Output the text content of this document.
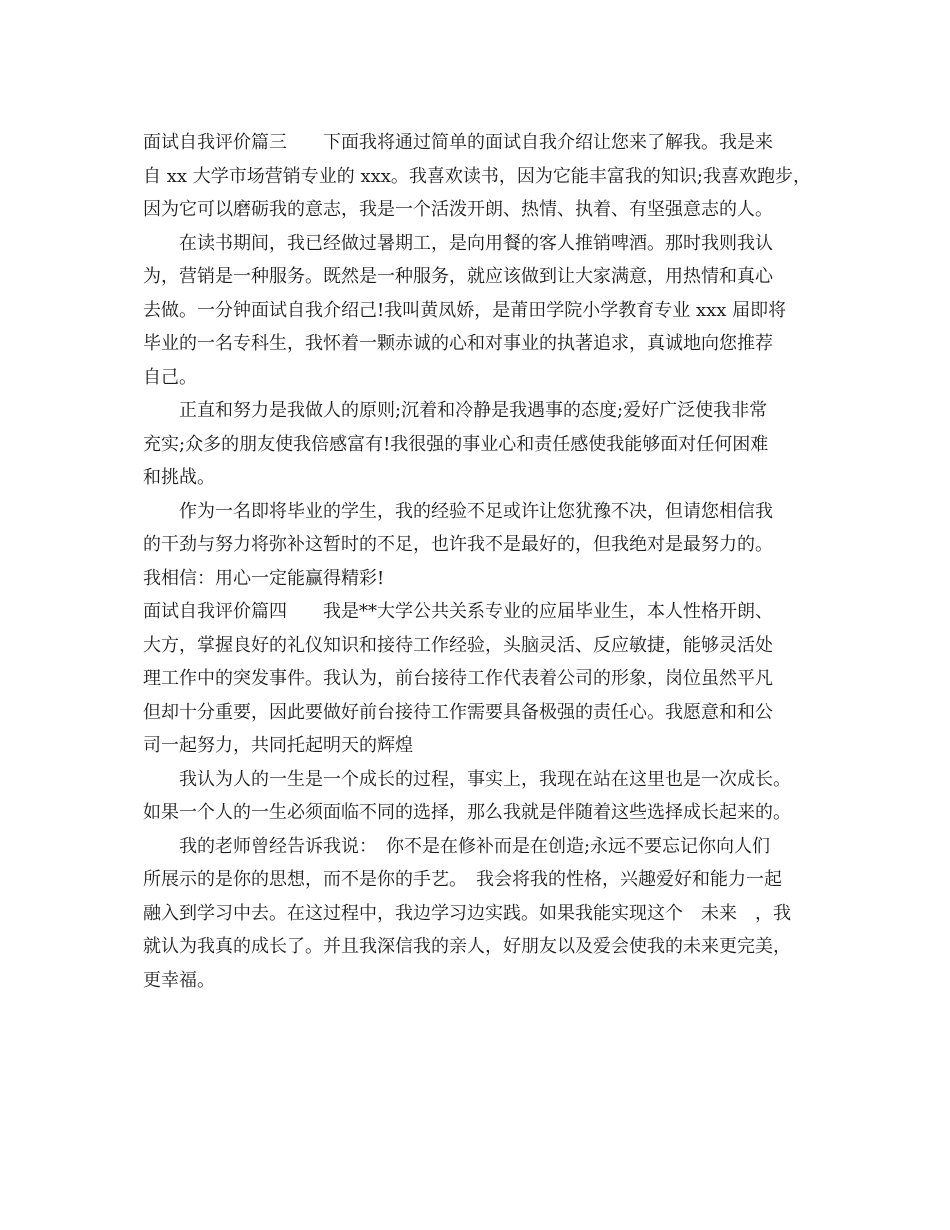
面试自我评价篇三　　下面我将通过简单的面试自我介绍让您来了解我。我是来
自 xx 大学市场营销专业的 xxx。我喜欢读书，因为它能丰富我的知识;我喜欢跑步，
因为它可以磨砺我的意志，我是一个活泼开朗、热情、执着、有坚强意志的人。
在读书期间，我已经做过暑期工，是向用餐的客人推销啤酒。那时我则我认
为，营销是一种服务。既然是一种服务，就应该做到让大家满意，用热情和真心
去做。一分钟面试自我介绍己!我叫黄凤娇，是莆田学院小学教育专业 xxx 届即将
毕业的一名专科生，我怀着一颗赤诚的心和对事业的执著追求，真诚地向您推荐
自己。
正直和努力是我做人的原则;沉着和冷静是我遇事的态度;爱好广泛使我非常
充实;众多的朋友使我倍感富有!我很强的事业心和责任感使我能够面对任何困难
和挑战。
作为一名即将毕业的学生，我的经验不足或许让您犹豫不决，但请您相信我
的干劲与努力将弥补这暂时的不足，也许我不是最好的，但我绝对是最努力的。
我相信：用心一定能赢得精彩!
面试自我评价篇四　　我是**大学公共关系专业的应届毕业生，本人性格开朗、
大方，掌握良好的礼仪知识和接待工作经验，头脑灵活、反应敏捷，能够灵活处
理工作中的突发事件。我认为，前台接待工作代表着公司的形象，岗位虽然平凡
但却十分重要，因此要做好前台接待工作需要具备极强的责任心。我愿意和和公
司一起努力，共同托起明天的辉煌
我认为人的一生是一个成长的过程，事实上，我现在站在这里也是一次成长。
如果一个人的一生必须面临不同的选择，那么我就是伴随着这些选择成长起来的。
我的老师曾经告诉我说：　你不是在修补而是在创造;永远不要忘记你向人们
所展示的是你的思想，而不是你的手艺。　我会将我的性格，兴趣爱好和能力一起
融入到学习中去。在这过程中，我边学习边实践。如果我能实现这个　未来　，我
就认为我真的成长了。并且我深信我的亲人，好朋友以及爱会使我的未来更完美，
更幸福。
